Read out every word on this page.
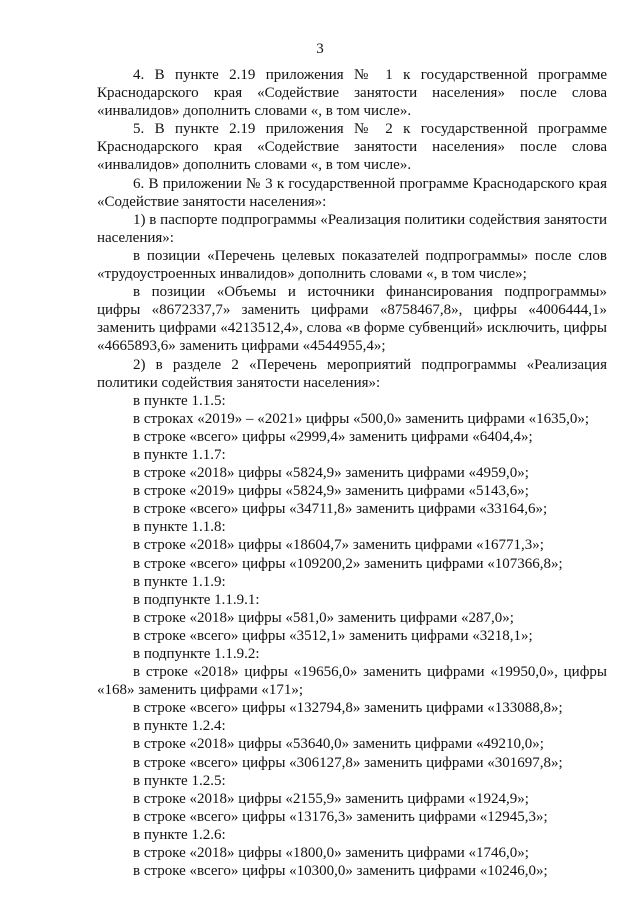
3

4. В пункте 2.19 приложения № 1 к государственной программе Краснодарского края «Содействие занятости населения» после слова «инвалидов» дополнить словами «, в том числе».

5. В пункте 2.19 приложения № 2 к государственной программе Краснодарского края «Содействие занятости населения» после слова «инвалидов» дополнить словами «, в том числе».

6. В приложении № 3 к государственной программе Краснодарского края «Содействие занятости населения»:

1) в паспорте подпрограммы «Реализация политики содействия занятости населения»:

в позиции «Перечень целевых показателей подпрограммы» после слов «трудоустроенных инвалидов» дополнить словами «, в том числе»;

в позиции «Объемы и источники финансирования подпрограммы» цифры «8672337,7» заменить цифрами «8758467,8», цифры «4006444,1» заменить цифрами «4213512,4», слова «в форме субвенций» исключить, цифры «4665893,6» заменить цифрами «4544955,4»;

2) в разделе 2 «Перечень мероприятий подпрограммы «Реализация политики содействия занятости населения»:

в пункте 1.1.5:

в строках «2019» – «2021» цифры «500,0» заменить цифрами «1635,0»;

в строке «всего» цифры «2999,4» заменить цифрами «6404,4»;

в пункте 1.1.7:

в строке «2018» цифры «5824,9» заменить цифрами «4959,0»;

в строке «2019» цифры «5824,9» заменить цифрами «5143,6»;

в строке «всего» цифры «34711,8» заменить цифрами «33164,6»;

в пункте 1.1.8:

в строке «2018» цифры «18604,7» заменить цифрами «16771,3»;

в строке «всего» цифры «109200,2» заменить цифрами «107366,8»;

в пункте 1.1.9:

в подпункте 1.1.9.1:

в строке «2018» цифры «581,0» заменить цифрами «287,0»;

в строке «всего» цифры «3512,1» заменить цифрами «3218,1»;

в подпункте 1.1.9.2:

в строке «2018» цифры «19656,0» заменить цифрами «19950,0», цифры «168» заменить цифрами «171»;

в строке «всего» цифры «132794,8» заменить цифрами «133088,8»;

в пункте 1.2.4:

в строке «2018» цифры «53640,0» заменить цифрами «49210,0»;

в строке «всего» цифры «306127,8» заменить цифрами «301697,8»;

в пункте 1.2.5:

в строке «2018» цифры «2155,9» заменить цифрами «1924,9»;

в строке «всего» цифры «13176,3» заменить цифрами «12945,3»;

в пункте 1.2.6:

в строке «2018» цифры «1800,0» заменить цифрами «1746,0»;

в строке «всего» цифры «10300,0» заменить цифрами «10246,0»;
